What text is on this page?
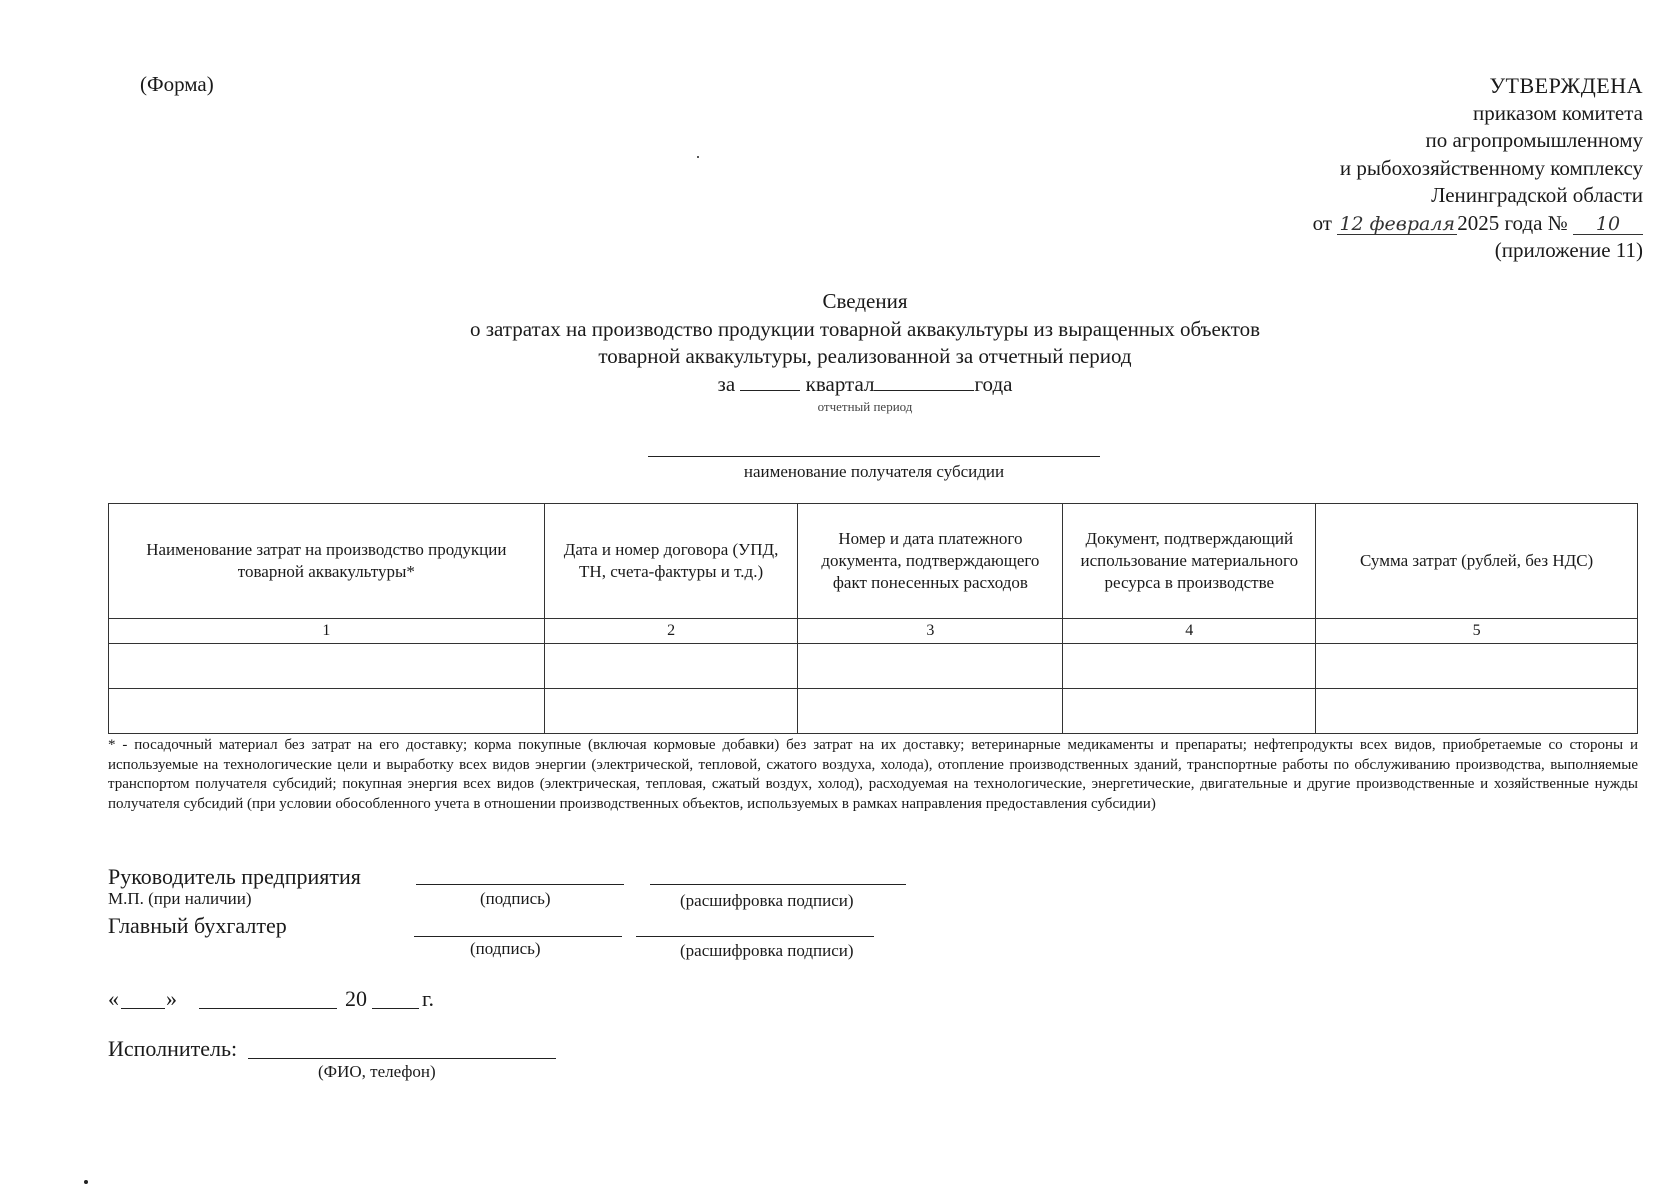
(Форма)	УТВЕРЖДЕНА
приказом комитета
по агропромышленному
и рыбохозяйственному комплексу
Ленинградской области
от 12 февраля 2025 года № 10
(приложение 11)
Сведения
о затратах на производство продукции товарной аквакультуры из выращенных объектов
товарной аквакультуры, реализованной за отчетный период
за	квартал	года
отчетный период
наименование получателя субсидии
Наименование затрат на производство продукции товарной аквакультуры*	Дата и номер договора (УПД, ТН, счета-фактуры и т.д.)	Номер и дата платежного документа, подтверждающего факт понесенных расходов	Документ, подтверждающий использование материального ресурса в производстве	Сумма затрат (рублей, без НДС)
1	2	3	4	5

* - посадочный материал без затрат на его доставку; корма покупные (включая кормовые добавки) без затрат на их доставку; ветеринарные медикаменты и препараты; нефтепродукты всех видов, приобретаемые со стороны и используемые на технологические цели и выработку всех видов энергии (электрической, тепловой, сжатого воздуха, холода), отопление производственных зданий, транспортные работы по обслуживанию производства, выполняемые транспортом получателя субсидий; покупная энергия всех видов (электрическая, тепловая, сжатый воздух, холод), расходуемая на технологические, энергетические, двигательные и другие производственные и хозяйственные нужды получателя субсидий (при условии обособленного учета в отношении производственных объектов, используемых в рамках направления предоставления субсидии)
Руководитель предприятия
М.П. (при наличии)	(подпись)	(расшифровка подписи)
Главный бухгалтер
(подпись)	(расшифровка подписи)
« »	20	г.
Исполнитель:
(ФИО, телефон)
